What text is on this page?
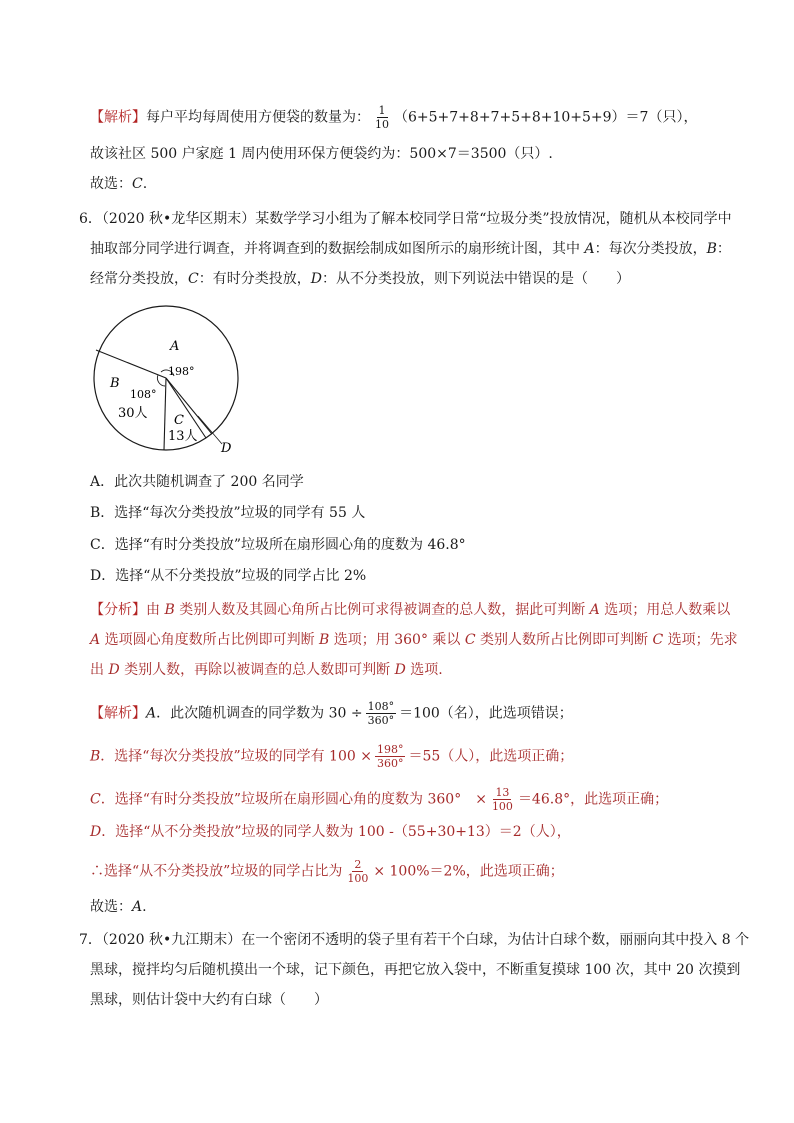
【解析】每户平均每周使用方便袋的数量为： $\frac{1}{10} (6+5+7+8+7+5+8+10+5+9)=7$（只），
故该社区 500 户家庭 1 周内使用环保方便袋约为：500×7＝3500（只）.
故选：C.
6．（2020 秋•龙华区期末）某数学学习小组为了解本校同学日常“垃圾分类”投放情况，随机从本校同学中
抽取部分同学进行调查，并将调查到的数据绘制成如图所示的扇形统计图，其中 A：每次分类投放，B：
经常分类投放，C：有时分类投放，D：从不分类投放，则下列说法中错误的是（　　）
A
198°
B
108°
30人 C
13人
D
A．此次共随机调查了 200 名同学
B．选择“每次分类投放”垃圾的同学有 55 人
C．选择“有时分类投放”垃圾所在扇形圆心角的度数为 46.8°
D．选择“从不分类投放”垃圾的同学占比 2%
【分析】由 B 类别人数及其圆心角所占比例可求得被调查的总人数，据此可判断 A 选项；用总人数乘以
A 选项圆心角度数所占比例即可判断 B 选项；用 360° 乘以 C 类别人数所占比例即可判断 C 选项；先求
出 D 类别人数，再除以被调查的总人数即可判断 D 选项.
【解析】A．此次随机调查的同学数为 $30 \div \frac{108^\circ}{360^\circ} =100$（名），此选项错误；
B．选择“每次分类投放”垃圾的同学有 $100 \times \frac{198^\circ}{360^\circ} =55$（人），此选项正确；
C．选择“有时分类投放”垃圾所在扇形圆心角的度数为 360°　× $\frac{13}{100} =46.8^\circ$，此选项正确；
D．选择“从不分类投放”垃圾的同学人数为 100 -（55+30+13）＝2（人），
∴选择“从不分类投放”垃圾的同学占比为 $\frac{2}{100} \times 100\%=2\%$，此选项正确；
故选：A.
7．（2020 秋•九江期末）在一个密闭不透明的袋子里有若干个白球，为估计白球个数，丽丽向其中投入 8 个
黑球，搅拌均匀后随机摸出一个球，记下颜色，再把它放入袋中，不断重复摸球 100 次，其中 20 次摸到
黑球，则估计袋中大约有白球（　　）
